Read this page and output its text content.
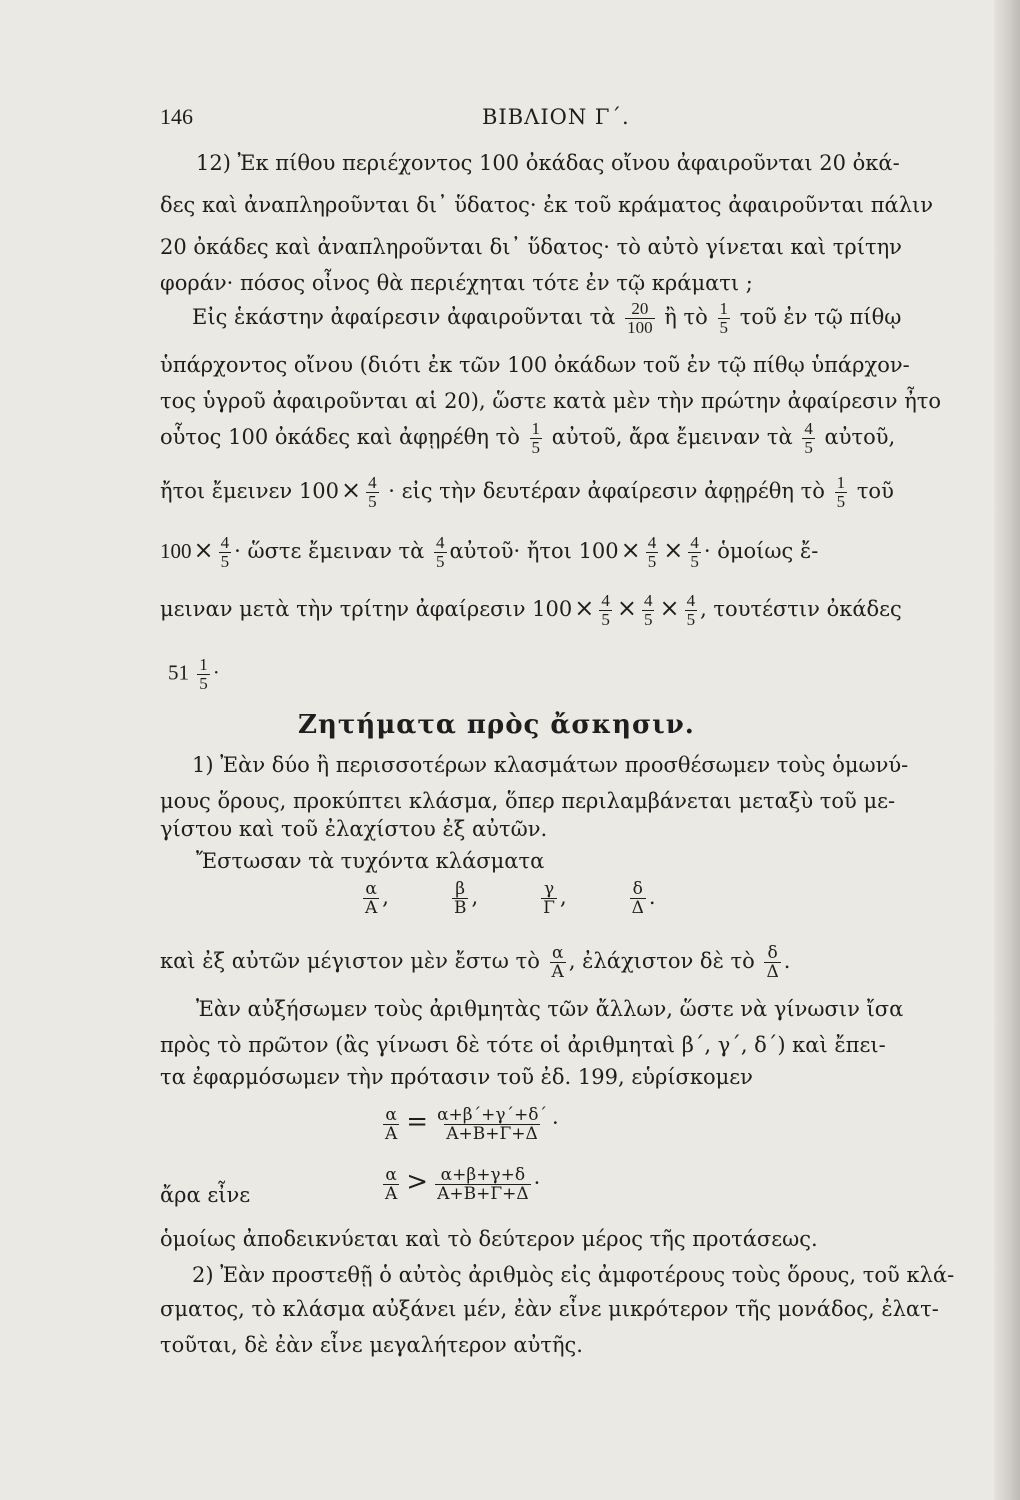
146	ΒΙΒΛΙΟΝ Γ΄.
12) Ἐκ πίθου περιέχοντος 100 ὀκάδας οἴνου ἀφαιροῦνται 20 ὀκά-
δες καὶ ἀναπληροῦνται δι᾽ ὕδατος· ἐκ τοῦ κράματος ἀφαιροῦνται πάλιν
20 ὀκάδες καὶ ἀναπληροῦνται δι᾽ ὕδατος· τὸ αὐτὸ γίνεται καὶ τρίτην
φοράν· πόσος οἶνος θὰ περιέχηται τότε ἐν τῷ κράματι ;
Εἰς ἑκάστην ἀφαίρεσιν ἀφαιροῦνται τὰ $\frac{20}{100}$ ἢ τὸ $\frac{1}{5}$ τοῦ ἐν τῷ πίθῳ
ὑπάρχοντος οἴνου (διότι ἐκ τῶν 100 ὀκάδων τοῦ ἐν τῷ πίθῳ ὑπάρχον-
τος ὑγροῦ ἀφαιροῦνται αἱ 20), ὥστε κατὰ μὲν τὴν πρώτην ἀφαίρεσιν ἦτο
οὗτος 100 ὀκάδες καὶ ἀφῃρέθη τὸ $\frac{1}{5}$ αὐτοῦ, ἄρα ἔμειναν τὰ $\frac{4}{5}$ αὐτοῦ,
ἤτοι ἔμεινεν $100\times \frac{4}{5}$ · εἰς τὴν δευτέραν ἀφαίρεσιν ἀφῃρέθη τὸ $\frac{1}{5}$ τοῦ
$100\times \frac{4}{5}$ · ὥστε ἔμειναν τὰ $\frac{4}{5}$ αὐτοῦ· ἤτοι $100\times \frac{4}{5} \times \frac{4}{5}$ · ὁμοίως ἔ-
μειναν μετὰ τὴν τρίτην ἀφαίρεσιν $100\times \frac{4}{5} \times \frac{4}{5} \times \frac{4}{5}$ , τουτέστιν ὀκάδες
$51 \frac{1}{5}$ ·
Ζητήματα πρὸς ἄσκησιν.
1) Ἐὰν δύο ἢ περισσοτέρων κλασμάτων προσθέσωμεν τοὺς ὁμωνύ-
μους ὅρους, προκύπτει κλάσμα, ὅπερ περιλαμβάνεται μεταξὺ τοῦ με-
γίστου καὶ τοῦ ἐλαχίστου ἐξ αὐτῶν.
Ἔστωσαν τὰ τυχόντα κλάσματα
$\frac{\alpha}{A}$ ,	$\frac{\beta}{B}$ ,	$\frac{\gamma}{\Gamma}$ ,	$\frac{\delta}{\Delta}$ .
καὶ ἐξ αὐτῶν μέγιστον μὲν ἔστω τὸ $\frac{\alpha}{A}$ , ἐλάχιστον δὲ τὸ $\frac{\delta}{\Delta}$ .
Ἐὰν αὐξήσωμεν τοὺς ἀριθμητὰς τῶν ἄλλων, ὥστε νὰ γίνωσιν ἴσα
πρὸς τὸ πρῶτον (ἂς γίνωσι δὲ τότε οἱ ἀριθμηταὶ β΄, γ΄, δ΄) καὶ ἔπει-
τα ἐφαρμόσωμεν τὴν πρότασιν τοῦ ἐδ. 199, εὑρίσκομεν
$\frac{\alpha}{A} = \frac{\alpha+\beta΄+\gamma΄+\delta΄}{A+B+\Gamma+\Delta}$ ·
ἄρα εἶνε	$\frac{\alpha}{A} > \frac{\alpha+\beta+\gamma+\delta}{A+B+\Gamma+\Delta}$ ·
ὁμοίως ἀποδεικνύεται καὶ τὸ δεύτερον μέρος τῆς προτάσεως.
2) Ἐὰν προστεθῇ ὁ αὐτὸς ἀριθμὸς εἰς ἀμφοτέρους τοὺς ὅρους, τοῦ κλά-
σματος, τὸ κλάσμα αὐξάνει μέν, ἐὰν εἶνε μικρότερον τῆς μονάδος, ἐλατ-
τοῦται, δὲ ἐὰν εἶνε μεγαλήτερον αὐτῆς.
